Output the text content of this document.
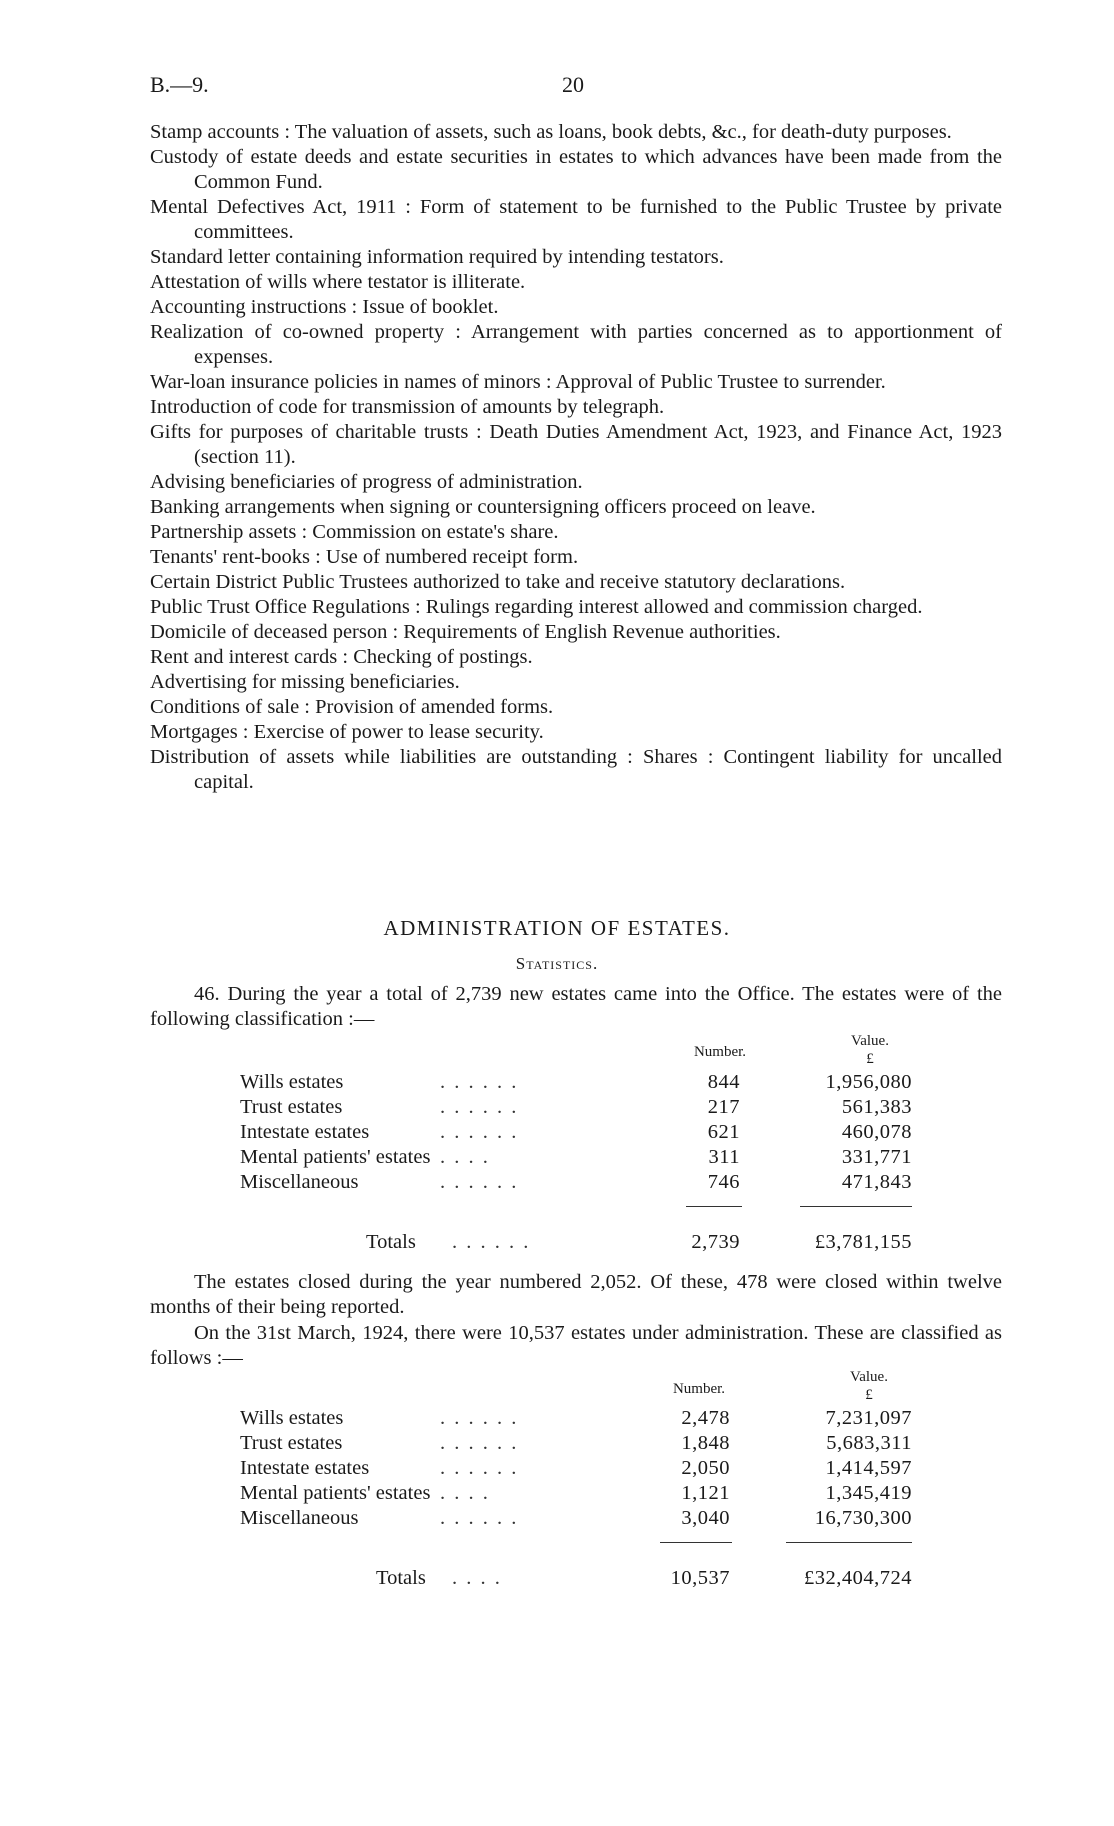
B.—9.	20
Stamp accounts : The valuation of assets, such as loans, book debts, &c., for death-duty purposes.
Custody of estate deeds and estate securities in estates to which advances have been made from the Common Fund.
Mental Defectives Act, 1911 : Form of statement to be furnished to the Public Trustee by private committees.
Standard letter containing information required by intending testators.
Attestation of wills where testator is illiterate.
Accounting instructions : Issue of booklet.
Realization of co-owned property : Arrangement with parties concerned as to apportionment of expenses.
War-loan insurance policies in names of minors : Approval of Public Trustee to surrender.
Introduction of code for transmission of amounts by telegraph.
Gifts for purposes of charitable trusts : Death Duties Amendment Act, 1923, and Finance Act, 1923 (section 11).
Advising beneficiaries of progress of administration.
Banking arrangements when signing or countersigning officers proceed on leave.
Partnership assets : Commission on estate's share.
Tenants' rent-books : Use of numbered receipt form.
Certain District Public Trustees authorized to take and receive statutory declarations.
Public Trust Office Regulations : Rulings regarding interest allowed and commission charged.
Domicile of deceased person : Requirements of English Revenue authorities.
Rent and interest cards : Checking of postings.
Advertising for missing beneficiaries.
Conditions of sale : Provision of amended forms.
Mortgages : Exercise of power to lease security.
Distribution of assets while liabilities are outstanding : Shares : Contingent liability for uncalled capital.
ADMINISTRATION OF ESTATES.
Statistics.
46. During the year a total of 2,739 new estates came into the Office. The estates were of the following classification :—
Number.
Value.
£
Wills estates	. . . . . .	844	1,956,080
Trust estates	. . . . . .	217	561,383
Intestate estates	. . . . . .	621	460,078
Mental patients' estates . . . .	311	331,771
Miscellaneous	. . . . . .	746	471,843
Totals . . . . . .	2,739	£3,781,155
The estates closed during the year numbered 2,052. Of these, 478 were closed within twelve months of their being reported.
On the 31st March, 1924, there were 10,537 estates under administration. These are classified as follows :—
Number.
Value.
£
Wills estates	. . . . . .	2,478	7,231,097
Trust estates	. . . . . .	1,848	5,683,311
Intestate estates	. . . . . .	2,050	1,414,597
Mental patients' estates . . . .	1,121	1,345,419
Miscellaneous	. . . . . .	3,040	16,730,300
Totals . . . .	10,537	£32,404,724
